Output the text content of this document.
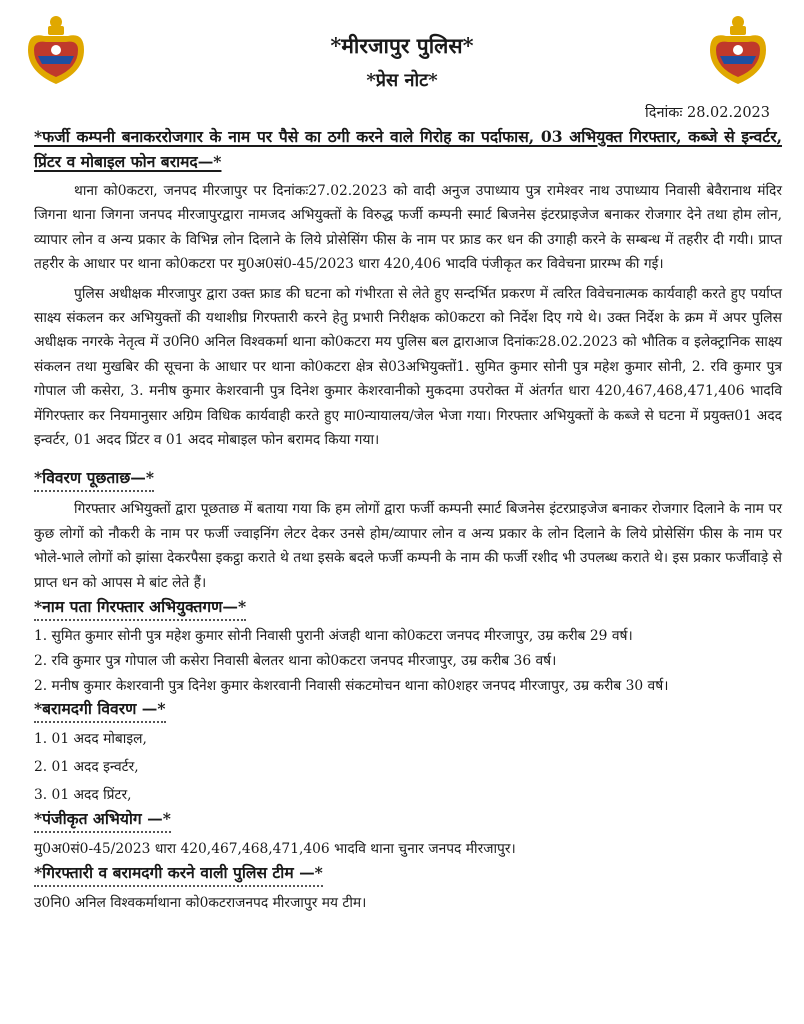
*मीरजापुर पुलिस*
*प्रेस नोट*
दिनांकः 28.02.2023
*फर्जी कम्पनी बनाकररोजगार के नाम पर पैसे का ठगी करने वाले गिरोह का पर्दाफास, 03 अभियुक्त गिरफ्तार, कब्जे से इन्वर्टर, प्रिंटर व मोबाइल फोन बरामद—*

थाना को0कटरा, जनपद मीरजापुर पर दिनांकः27.02.2023 को वादी अनुज उपाध्याय पुत्र रामेश्वर नाथ उपाध्याय निवासी बेवैरानाथ मंदिर जिगना थाना जिगना जनपद मीरजापुरद्वारा नामजद अभियुक्तों के विरुद्ध फर्जी कम्पनी स्मार्ट बिजनेस इंटरप्राइजेज बनाकर रोजगार देने तथा होम लोन, व्यापार लोन व अन्य प्रकार के विभिन्न लोन दिलाने के लिये प्रोसेसिंग फीस के नाम पर फ्राड कर धन की उगाही करने के सम्बन्ध में तहरीर दी गयी। प्राप्त तहरीर के आधार पर थाना को0कटरा पर मु0अ0सं0-45/2023 धारा 420,406 भादवि पंजीकृत कर विवेचना प्रारम्भ की गई।

पुलिस अधीक्षक मीरजापुर द्वारा उक्त फ्राड की घटना को गंभीरता से लेते हुए सन्दर्भित प्रकरण में त्वरित विवेचनात्मक कार्यवाही करते हुए पर्याप्त साक्ष्य संकलन कर अभियुक्तों की यथाशीघ्र गिरफ्तारी करने हेतु प्रभारी निरीक्षक को0कटरा को निर्देश दिए गये थे। उक्त निर्देश के क्रम में अपर पुलिस अधीक्षक नगरके नेतृत्व में उ0नि0 अनिल विश्वकर्मा थाना को0कटरा मय पुलिस बल द्वाराआज दिनांकः28.02.2023 को भौतिक व इलेक्ट्रानिक साक्ष्य संकलन तथा मुखबिर की सूचना के आधार पर थाना को0कटरा क्षेत्र से03अभियुक्तों1. सुमित कुमार सोनी पुत्र महेश कुमार सोनी, 2. रवि कुमार पुत्र गोपाल जी कसेरा, 3. मनीष कुमार केशरवानी पुत्र दिनेश कुमार केशरवानीको मुकदमा उपरोक्त में अंतर्गत धारा 420,467,468,471,406 भादवि मेंगिरफ्तार कर नियमानुसार अग्रिम विधिक कार्यवाही करते हुए मा0न्यायालय/जेल भेजा गया। गिरफ्तार अभियुक्तों के कब्जे से घटना में प्रयुक्त01 अदद इन्वर्टर, 01 अदद प्रिंटर व 01 अदद मोबाइल फोन बरामद किया गया।

*विवरण पूछताछ—*

गिरफ्तार अभियुक्तों द्वारा पूछताछ में बताया गया कि हम लोगों द्वारा फर्जी कम्पनी स्मार्ट बिजनेस इंटरप्राइजेज बनाकर रोजगार दिलाने के नाम पर कुछ लोगों को नौकरी के नाम पर फर्जी ज्वाइनिंग लेटर देकर उनसे होम/व्यापार लोन व अन्य प्रकार के लोन दिलाने के लिये प्रोसेसिंग फीस के नाम पर भोले-भाले लोगों को झांसा देकरपैसा इकट्ठा कराते थे तथा इसके बदले फर्जी कम्पनी के नाम की फर्जी रशीद भी उपलब्ध कराते थे। इस प्रकार फर्जीवाड़े से प्राप्त धन को आपस मे बांट लेते हैं।

*नाम पता गिरफ्तार अभियुक्तगण—*
1. सुमित कुमार सोनी पुत्र महेश कुमार सोनी निवासी पुरानी अंजही थाना को0कटरा जनपद मीरजापुर, उम्र करीब 29 वर्ष।
2. रवि कुमार पुत्र गोपाल जी कसेरा निवासी बेलतर थाना को0कटरा जनपद मीरजापुर, उम्र करीब 36 वर्ष।
2. मनीष कुमार केशरवानी पुत्र दिनेश कुमार केशरवानी निवासी संकटमोचन थाना को0शहर जनपद मीरजापुर, उम्र करीब 30 वर्ष।
*बरामदगी विवरण —*
1. 01 अदद मोबाइल,
2. 01 अदद इन्वर्टर,
3. 01 अदद प्रिंटर,
*पंजीकृत अभियोग —*
मु0अ0सं0-45/2023 धारा 420,467,468,471,406 भादवि थाना चुनार जनपद मीरजापुर।
*गिरफ्तारी व बरामदगी करने वाली पुलिस टीम —*
उ0नि0 अनिल विश्वकर्माथाना को0कटराजनपद मीरजापुर मय टीम।
